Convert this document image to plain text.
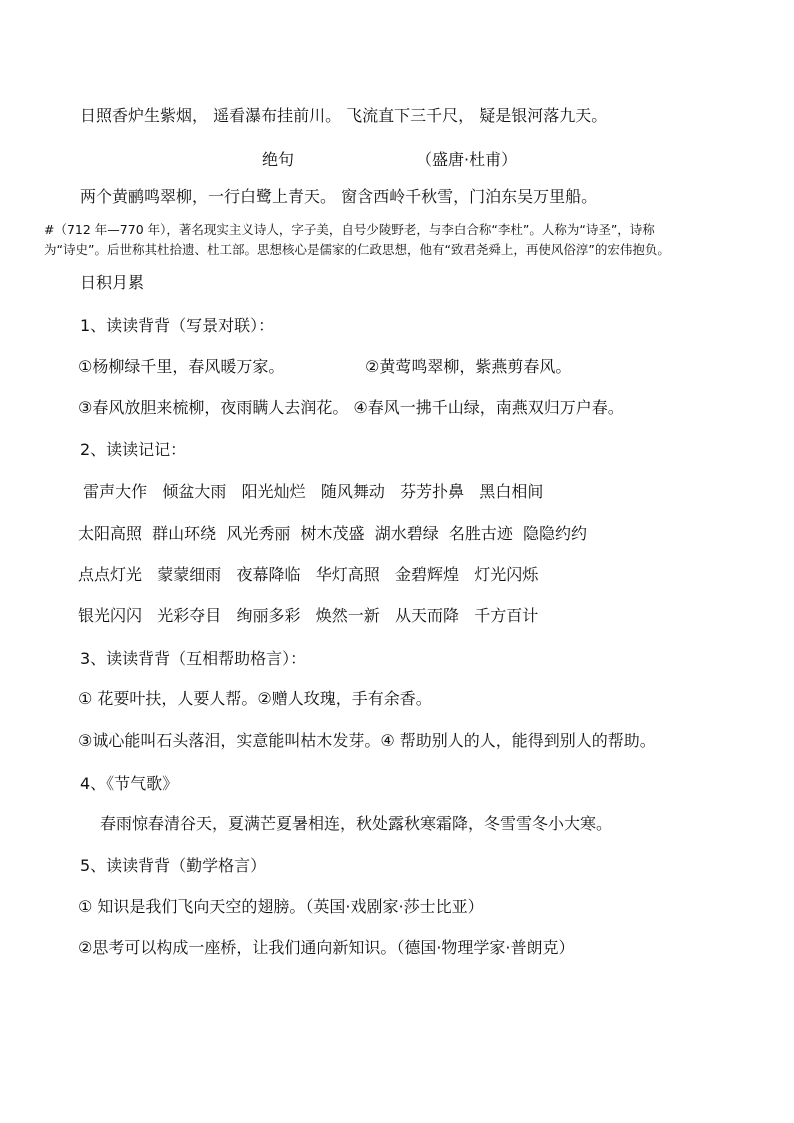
日照香炉生紫烟， 遥看瀑布挂前川。 飞流直下三千尺， 疑是银河落九天。
绝句	（盛唐·杜甫）
两个黄鹂鸣翠柳，一行白鹭上青天。 窗含西岭千秋雪，门泊东吴万里船。
#（712 年—770 年），著名现实主义诗人，字子美，自号少陵野老，与李白合称“李杜”。人称为“诗圣”，诗称
为“诗史”。后世称其杜拾遗、杜工部。思想核心是儒家的仁政思想，他有“致君尧舜上，再使风俗淳”的宏伟抱负。
日积月累
1、读读背背（写景对联）：
①杨柳绿千里，春风暖万家。	②黄莺鸣翠柳，紫燕剪春风。
③春风放胆来梳柳，夜雨瞒人去润花。 ④春风一拂千山绿，南燕双归万户春。
2、读读记记：
雷声大作   倾盆大雨   阳光灿烂   随风舞动   芬芳扑鼻   黑白相间
太阳高照  群山环绕  风光秀丽  树木茂盛  湖水碧绿  名胜古迹  隐隐约约
点点灯光   蒙蒙细雨   夜幕降临   华灯高照   金碧辉煌   灯光闪烁
银光闪闪   光彩夺目   绚丽多彩   焕然一新   从天而降   千方百计
3、读读背背（互相帮助格言）：
① 花要叶扶，人要人帮。②赠人玫瑰，手有余香。
③诚心能叫石头落泪，实意能叫枯木发芽。④ 帮助别人的人，能得到别人的帮助。
4、《节气歌》
春雨惊春清谷天，夏满芒夏暑相连，秋处露秋寒霜降，冬雪雪冬小大寒。
5、读读背背（勤学格言）
① 知识是我们飞向天空的翅膀。（英国·戏剧家·莎士比亚）
②思考可以构成一座桥，让我们通向新知识。（德国·物理学家·普朗克）
